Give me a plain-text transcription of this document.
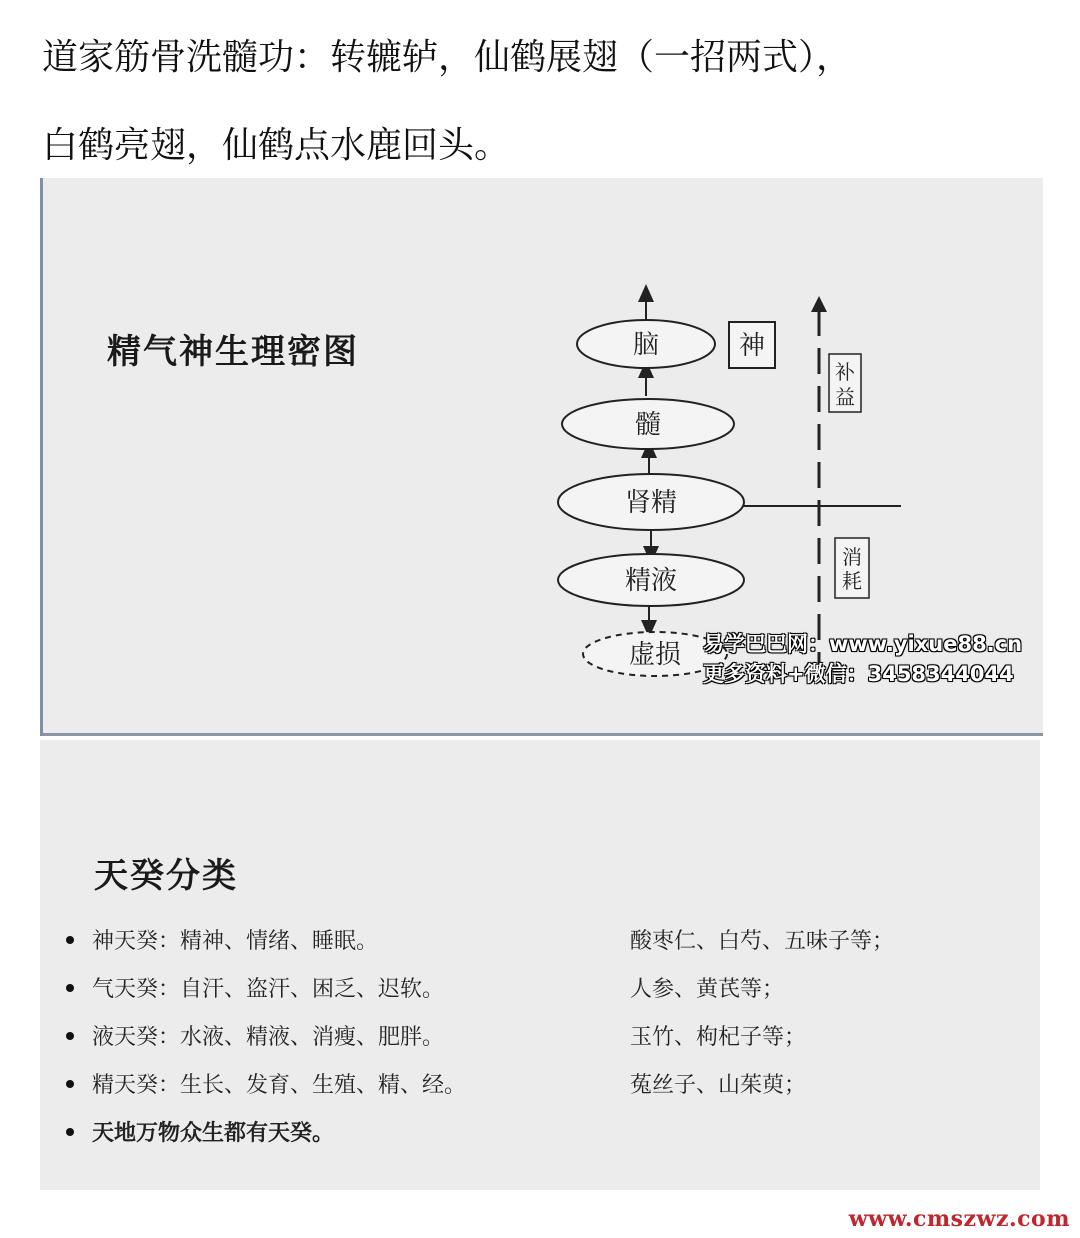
道家筋骨洗髓功：转辘轳，仙鹤展翅（一招两式），
白鹤亮翅，仙鹤点水鹿回头。
精气神生理密图	脑
髓
肾精
精液
虚损
神
补
益
消
耗
易学巴巴网：www.yixue88.cn
更多资料+微信：3458344044
天癸分类
神天癸：精神、情绪、睡眠。	酸枣仁、白芍、五味子等；
气天癸：自汗、盗汗、困乏、迟软。	人参、黄芪等；
液天癸：水液、精液、消瘦、肥胖。	玉竹、枸杞子等；
精天癸：生长、发育、生殖、精、经。	菟丝子、山茱萸；
天地万物众生都有天癸。
www.cmszwz.com
